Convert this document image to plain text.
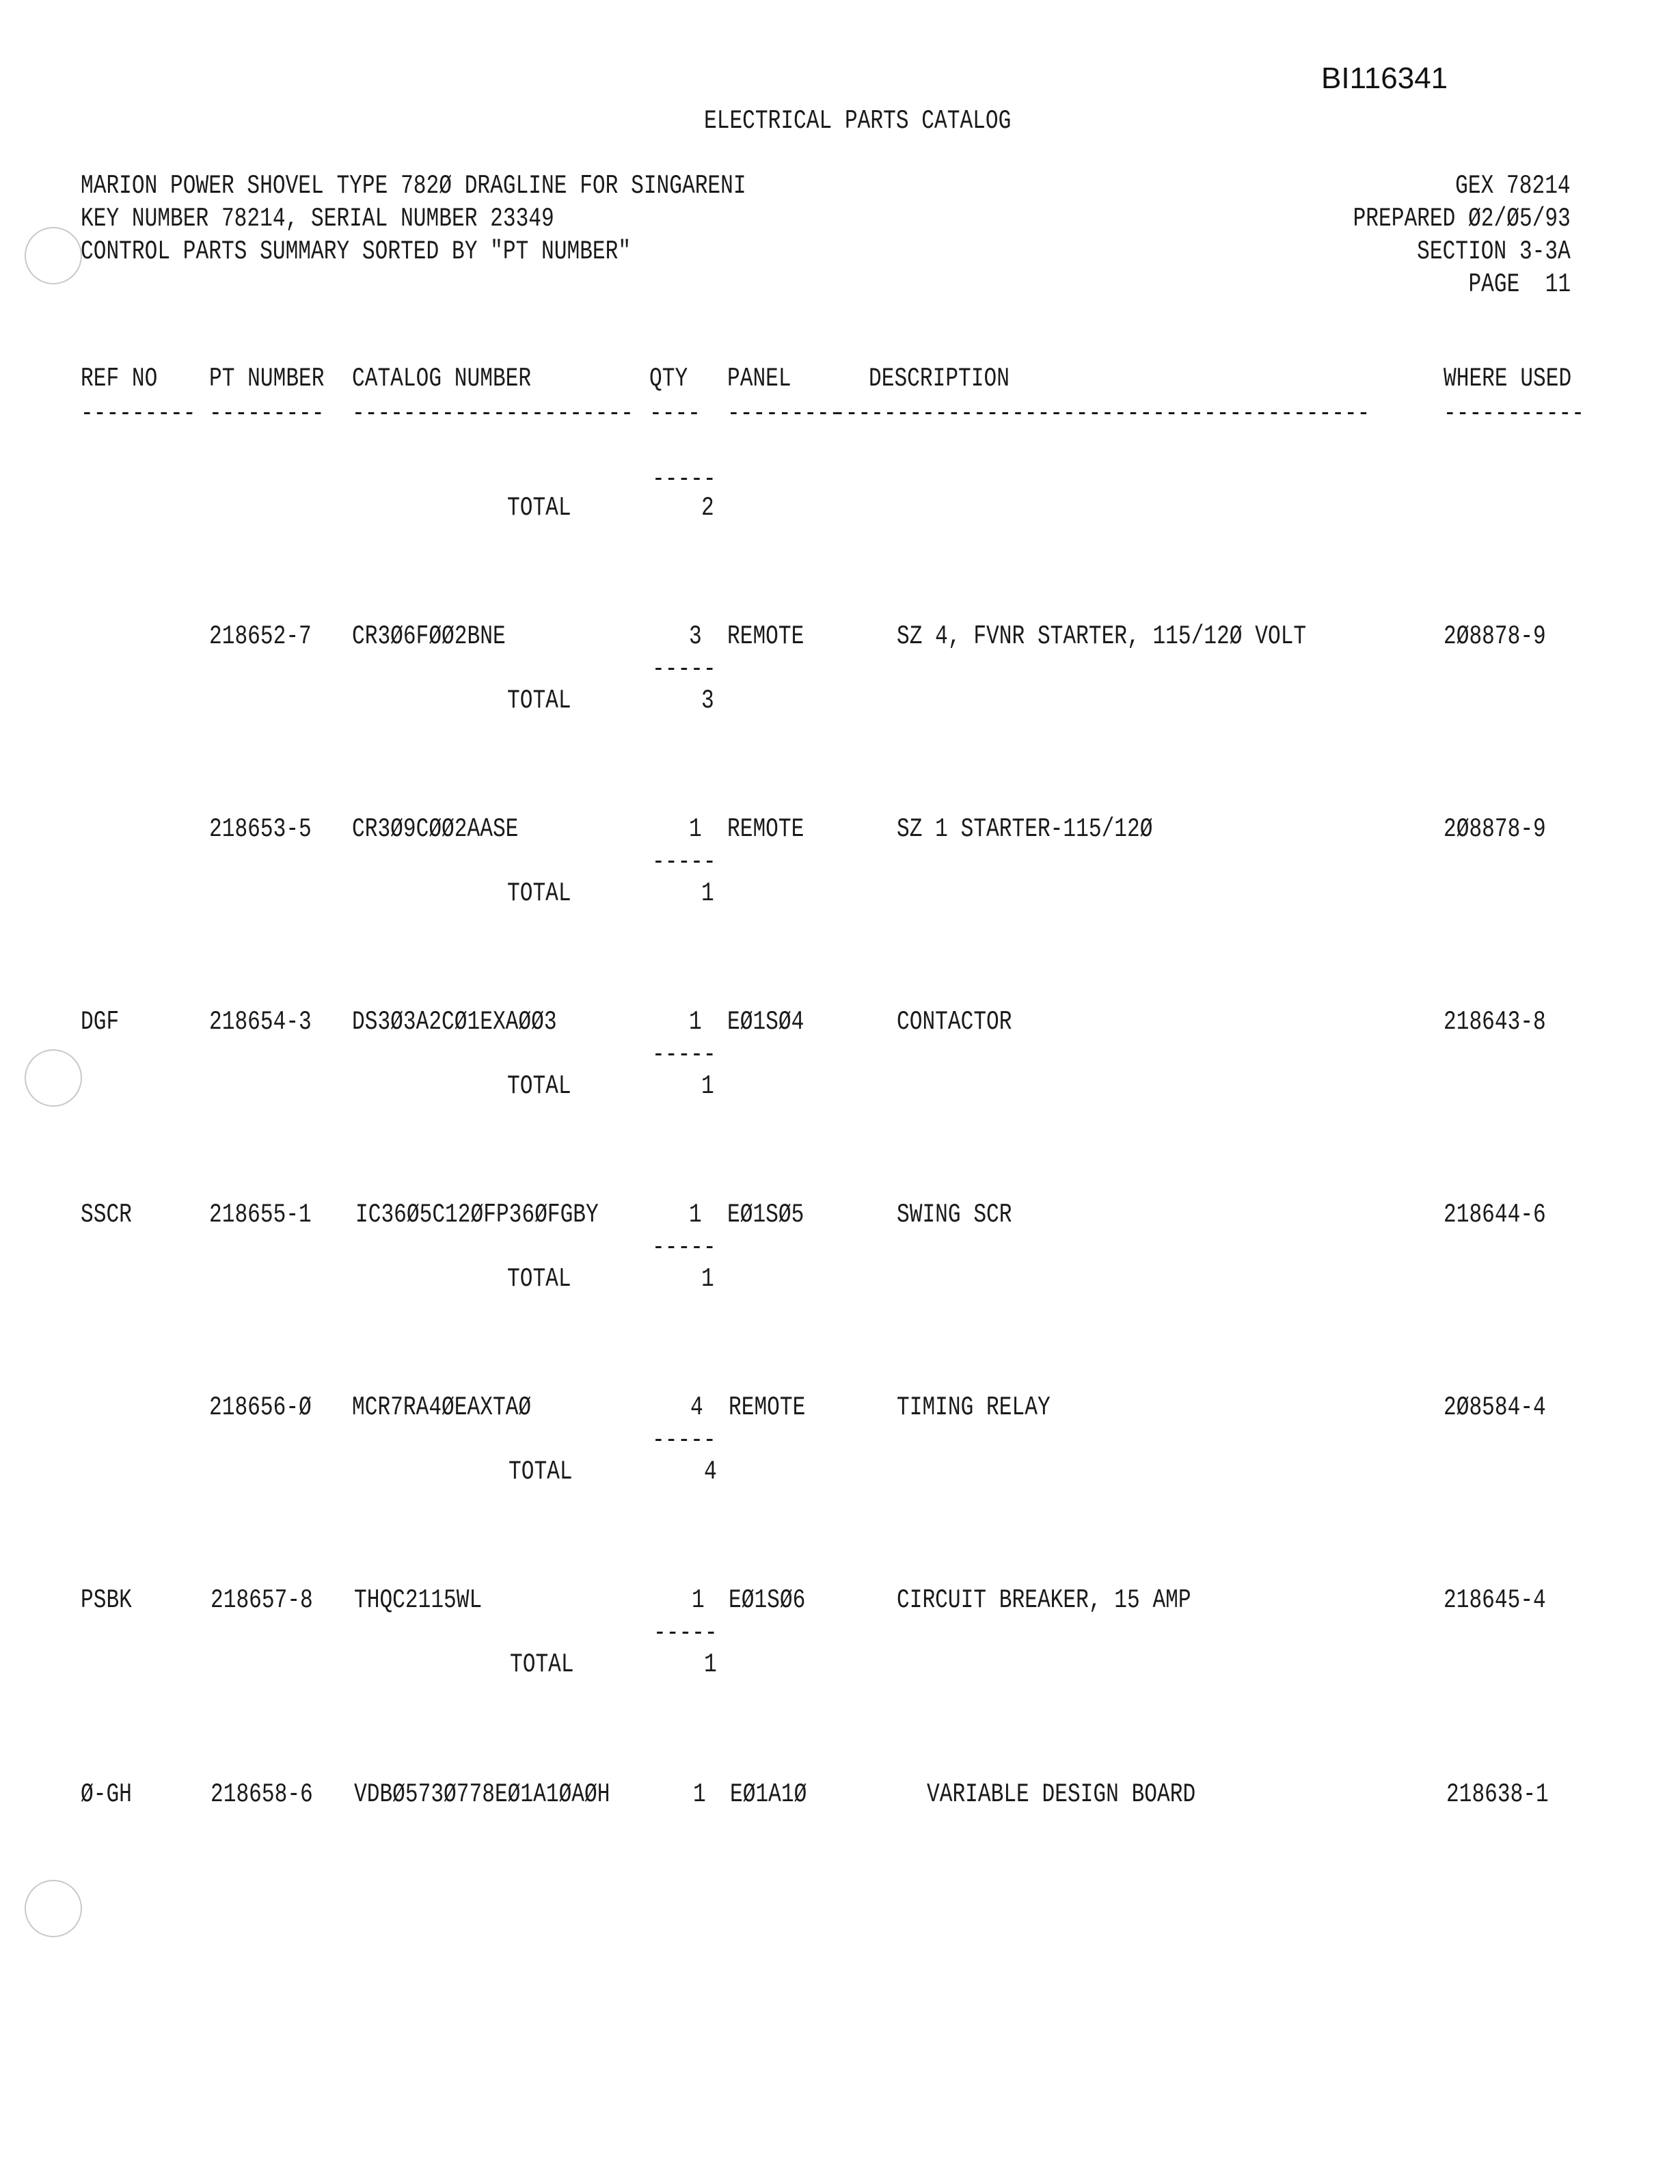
BI116341
ELECTRICAL PARTS CATALOG
MARION POWER SHOVEL TYPE 782Ø DRAGLINE FOR SINGARENI
KEY NUMBER 78214, SERIAL NUMBER 23349
CONTROL PARTS SUMMARY SORTED BY "PT NUMBER"
GEX 78214
PREPARED Ø2/Ø5/93
SECTION 3-3A
PAGE  11
REF NO PT NUMBER CATALOG NUMBER	QTY PANEL	DESCRIPTION	WHERE USED
--------- --------- ---------------------- ---- ---------
------------------------------------------	-----------
-----
TOTAL	2
218652-7 CR3Ø6FØØ2BNE	3 REMOTE	SZ 4, FVNR STARTER, 115/12Ø VOLT	2Ø8878-9
-----
TOTAL	3
218653-5 CR3Ø9CØØ2AASE	1 REMOTE	SZ 1 STARTER-115/12Ø	2Ø8878-9
-----
TOTAL	1
DGF	218654-3 DS3Ø3A2CØ1EXAØØ3	1 EØ1SØ4	CONTACTOR	218643-8
-----
TOTAL	1
SSCR	218655-1 IC36Ø5C12ØFP36ØFGBY	1 EØ1SØ5	SWING SCR	218644-6
-----
TOTAL	1
218656-Ø MCR7RA4ØEAXTAØ	4 REMOTE	TIMING RELAY	2Ø8584-4
-----
TOTAL	4
PSBK	218657-8 THQC2115WL	1 EØ1SØ6	CIRCUIT BREAKER, 15 AMP	218645-4
-----
TOTAL	1
Ø-GH	218658-6 VDBØ573Ø778EØ1A1ØAØH	1 EØ1A1Ø	VARIABLE DESIGN BOARD	218638-1
